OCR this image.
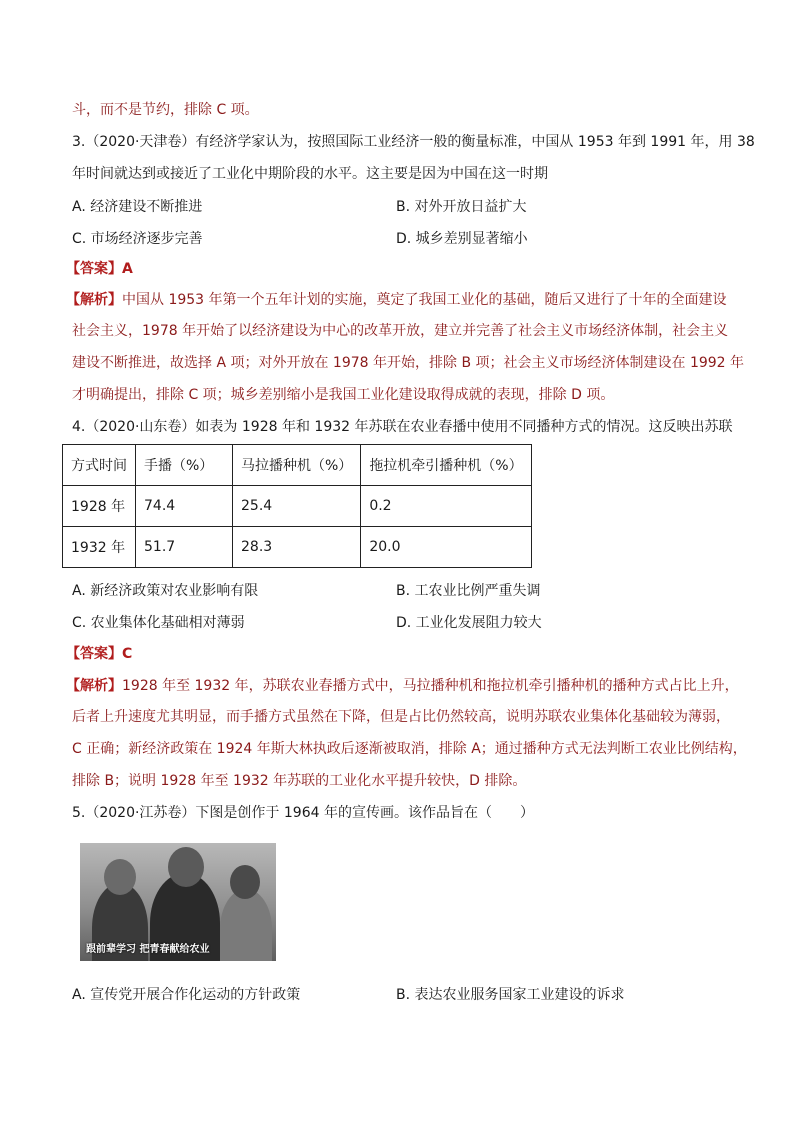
斗，而不是节约，排除 C 项。
3.（2020·天津卷）有经济学家认为，按照国际工业经济一般的衡量标准，中国从 1953 年到 1991 年，用 38
年时间就达到或接近了工业化中期阶段的水平。这主要是因为中国在这一时期
A. 经济建设不断推进	B. 对外开放日益扩大
C. 市场经济逐步完善	D. 城乡差别显著缩小
【答案】A
【解析】中国从 1953 年第一个五年计划的实施，奠定了我国工业化的基础，随后又进行了十年的全面建设
社会主义，1978 年开始了以经济建设为中心的改革开放，建立并完善了社会主义市场经济体制，社会主义
建设不断推进，故选择 A 项；对外开放在 1978 年开始，排除 B 项；社会主义市场经济体制建设在 1992 年
才明确提出，排除 C 项；城乡差别缩小是我国工业化建设取得成就的表现，排除 D 项。
4.（2020·山东卷）如表为 1928 年和 1932 年苏联在农业春播中使用不同播种方式的情况。这反映出苏联
方式时间	手播（%）	马拉播种机（%）	拖拉机牵引播种机（%）
1928 年	74.4	25.4	0.2
1932 年	51.7	28.3	20.0
A. 新经济政策对农业影响有限	B. 工农业比例严重失调
C. 农业集体化基础相对薄弱	D. 工业化发展阻力较大
【答案】C
【解析】1928 年至 1932 年，苏联农业春播方式中，马拉播种机和拖拉机牵引播种机的播种方式占比上升，
后者上升速度尤其明显，而手播方式虽然在下降，但是占比仍然较高，说明苏联农业集体化基础较为薄弱，
C 正确；新经济政策在 1924 年斯大林执政后逐渐被取消，排除 A；通过播种方式无法判断工农业比例结构，
排除 B；说明 1928 年至 1932 年苏联的工业化水平提升较快，D 排除。
5.（2020·江苏卷）下图是创作于 1964 年的宣传画。该作品旨在（　　）
跟前辈学习 把青春献给农业
A. 宣传党开展合作化运动的方针政策	B. 表达农业服务国家工业建设的诉求
